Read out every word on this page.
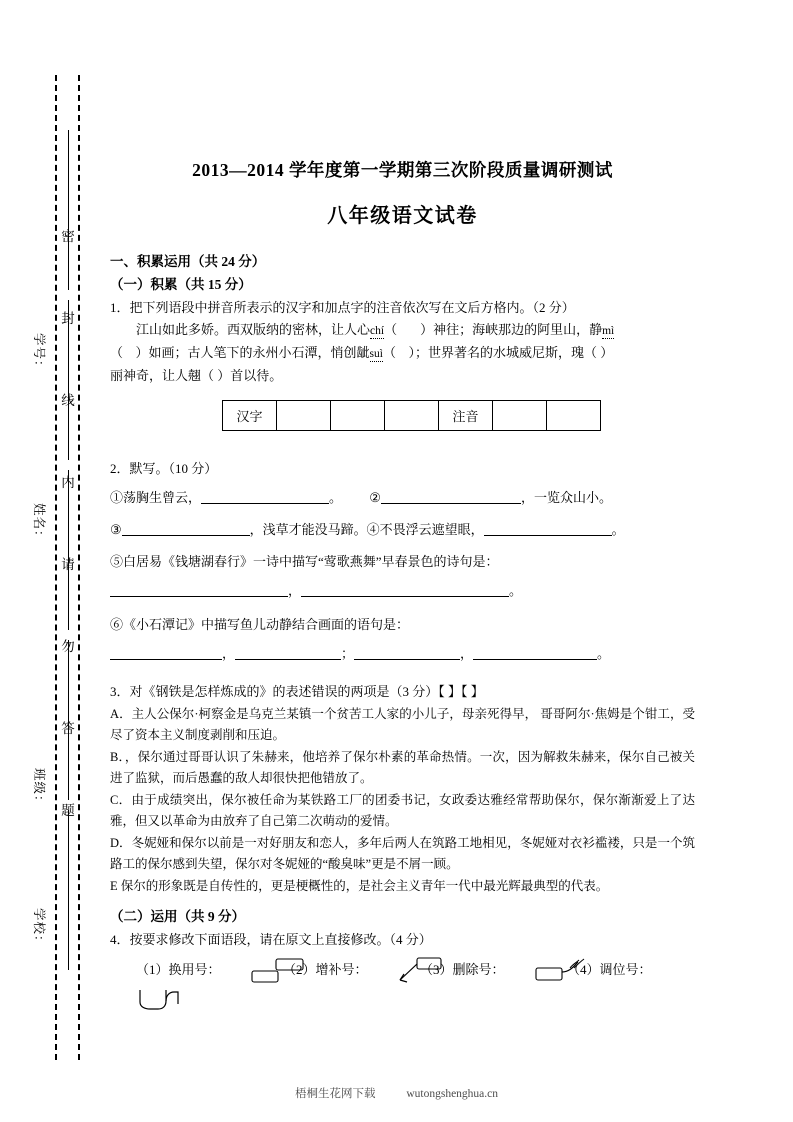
密
封
线
内
请
勿
答
题
学号：
姓名：
班级：
学校：
2013—2014 学年度第一学期第三次阶段质量调研测试
八年级语文试卷
一、积累运用（共 24 分）
（一）积累（共 15 分）
1．把下列语段中拼音所表示的汉字和加点字的注音依次写在文后方格内。（2 分）
江山如此多娇。西双版纳的密林，让人心chí（    ）神往；海峡那边的阿里山，静mì
（  ）如画；古人笔下的永州小石潭，悄创龇suì（  ）；世界著名的水城威尼斯，瑰（ ）
丽神奇，让人翹（ ）首以待。
汉字				注音		
2．默写。（10 分）
①荡胸生曾云，	。 ②	，一览众山小。
③	，浅草才能没马蹄。④不畏浮云遮望眼，	。
⑤白居易《钱塘湖春行》一诗中描写“莺歌燕舞”早春景色的诗句是：
，	。
⑥《小石潭记》中描写鱼儿动静结合画面的语句是：
，	；	，	。
3．对《钢铁是怎样炼成的》的表述错误的两项是（3 分）【 】【 】
A．主人公保尔·柯察金是乌克兰某镇一个贫苦工人家的小儿子，母亲死得早， 哥哥阿尔·焦姆是个钳工，受尽了资本主义制度剥削和压迫。
B．，保尔通过哥哥认识了朱赫来，他培养了保尔朴素的革命热情。一次，因为解救朱赫来，保尔自己被关进了监狱，而后愚蠢的敌人却很快把他错放了。
C．由于成绩突出，保尔被任命为某铁路工厂的团委书记，女政委达雅经常帮助保尔，保尔渐渐爱上了达雅，但又以革命为由放弃了自己第二次萌动的爱情。
D．冬妮娅和保尔以前是一对好朋友和恋人，多年后两人在筑路工地相见，冬妮娅对衣衫褴褛，只是一个筑路工的保尔感到失望，保尔对冬妮娅的“酸臭味”更是不屑一顾。
E 保尔的形象既是自传性的，更是梗概性的，是社会主义青年一代中最光辉最典型的代表。
（二）运用（共 9 分）
4．按要求修改下面语段，请在原文上直接修改。（4 分）
（1）换用号：	（2）增补号：	（3）删除号：	（4）调位号：
梧桐生花网下载	wutongshenghua.cn
